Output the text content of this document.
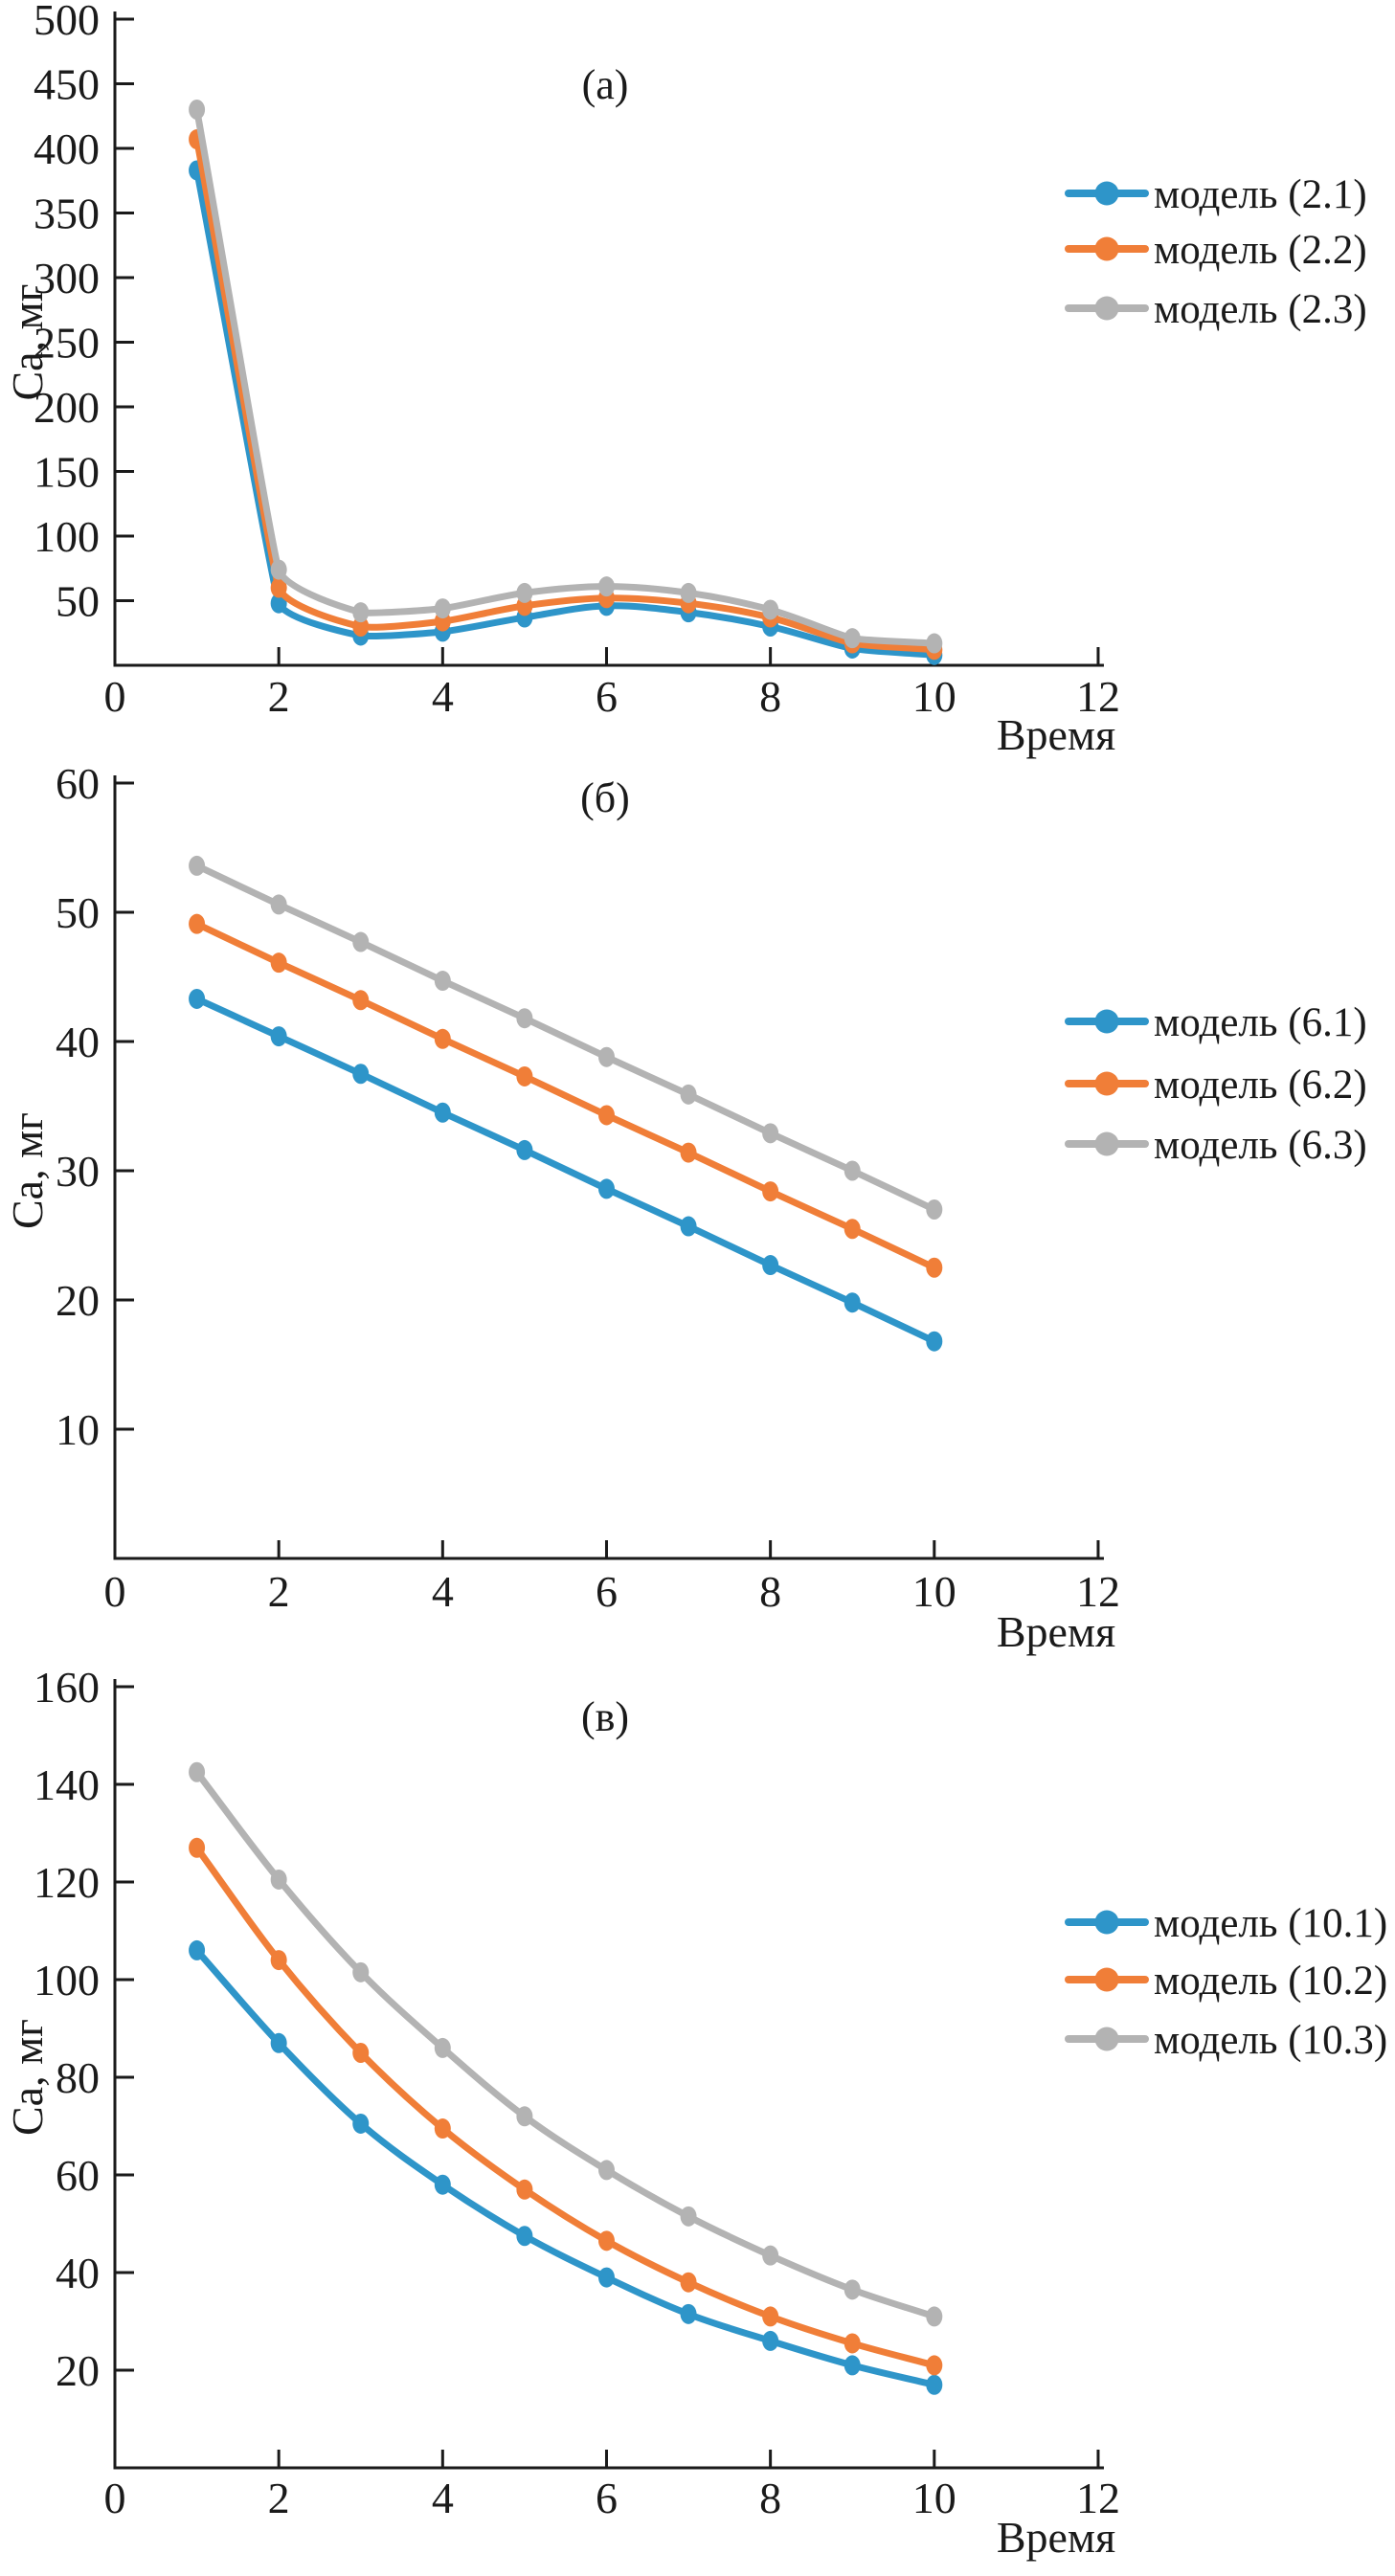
50
100
150
200
250
300
350
400
450
500
0	2	4	6	8	10	12
Время
Са, мг
(а)
модель (2.1)
модель (2.2)
модель (2.3)
10
20
30
40
50
60
0	2	4	6	8	10	12
Время
Са, мг
(б)
модель (6.1)
модель (6.2)
модель (6.3)
20
40
60
80
100
120
140
160
0	2	4	6	8	10	12
Время
Са, мг
(в)
модель (10.1)
модель (10.2)
модель (10.3)
